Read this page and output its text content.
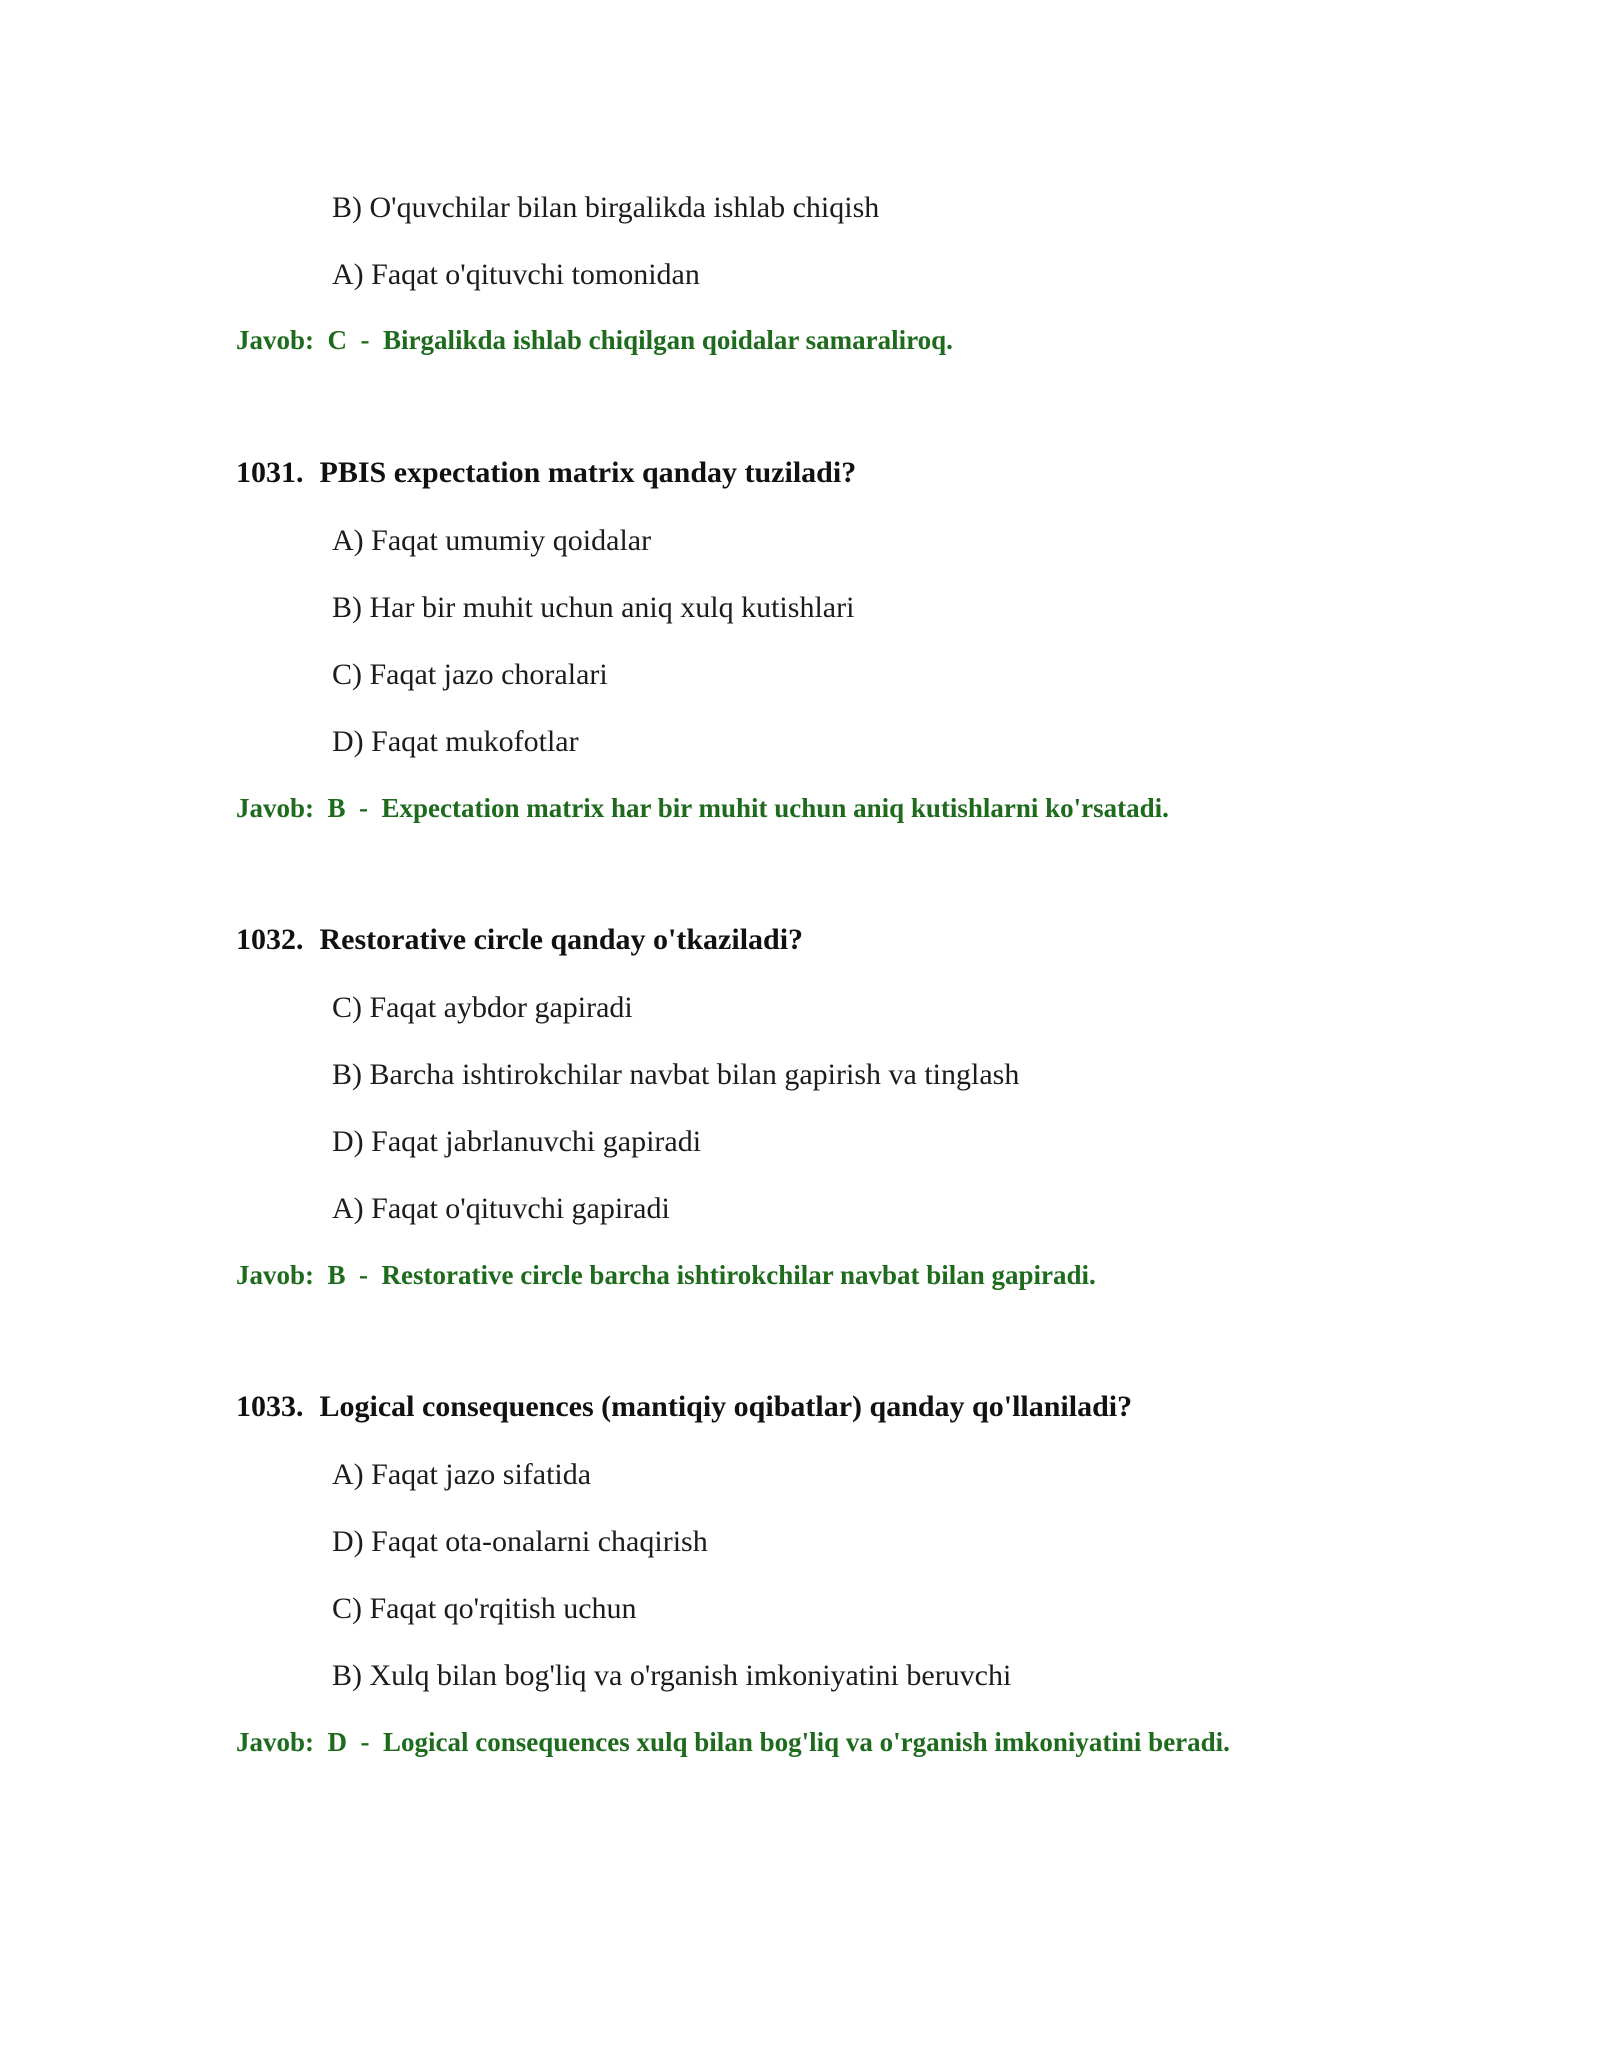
B) O'quvchilar bilan birgalikda ishlab chiqish
A) Faqat o'qituvchi tomonidan
Javob: C - Birgalikda ishlab chiqilgan qoidalar samaraliroq.
1031. PBIS expectation matrix qanday tuziladi?
A) Faqat umumiy qoidalar
B) Har bir muhit uchun aniq xulq kutishlari
C) Faqat jazo choralari
D) Faqat mukofotlar
Javob: B - Expectation matrix har bir muhit uchun aniq kutishlarni ko'rsatadi.
1032. Restorative circle qanday o'tkaziladi?
C) Faqat aybdor gapiradi
B) Barcha ishtirokchilar navbat bilan gapirish va tinglash
D) Faqat jabrlanuvchi gapiradi
A) Faqat o'qituvchi gapiradi
Javob: B - Restorative circle barcha ishtirokchilar navbat bilan gapiradi.
1033. Logical consequences (mantiqiy oqibatlar) qanday qo'llaniladi?
A) Faqat jazo sifatida
D) Faqat ota-onalarni chaqirish
C) Faqat qo'rqitish uchun
B) Xulq bilan bog'liq va o'rganish imkoniyatini beruvchi
Javob: D - Logical consequences xulq bilan bog'liq va o'rganish imkoniyatini beradi.
